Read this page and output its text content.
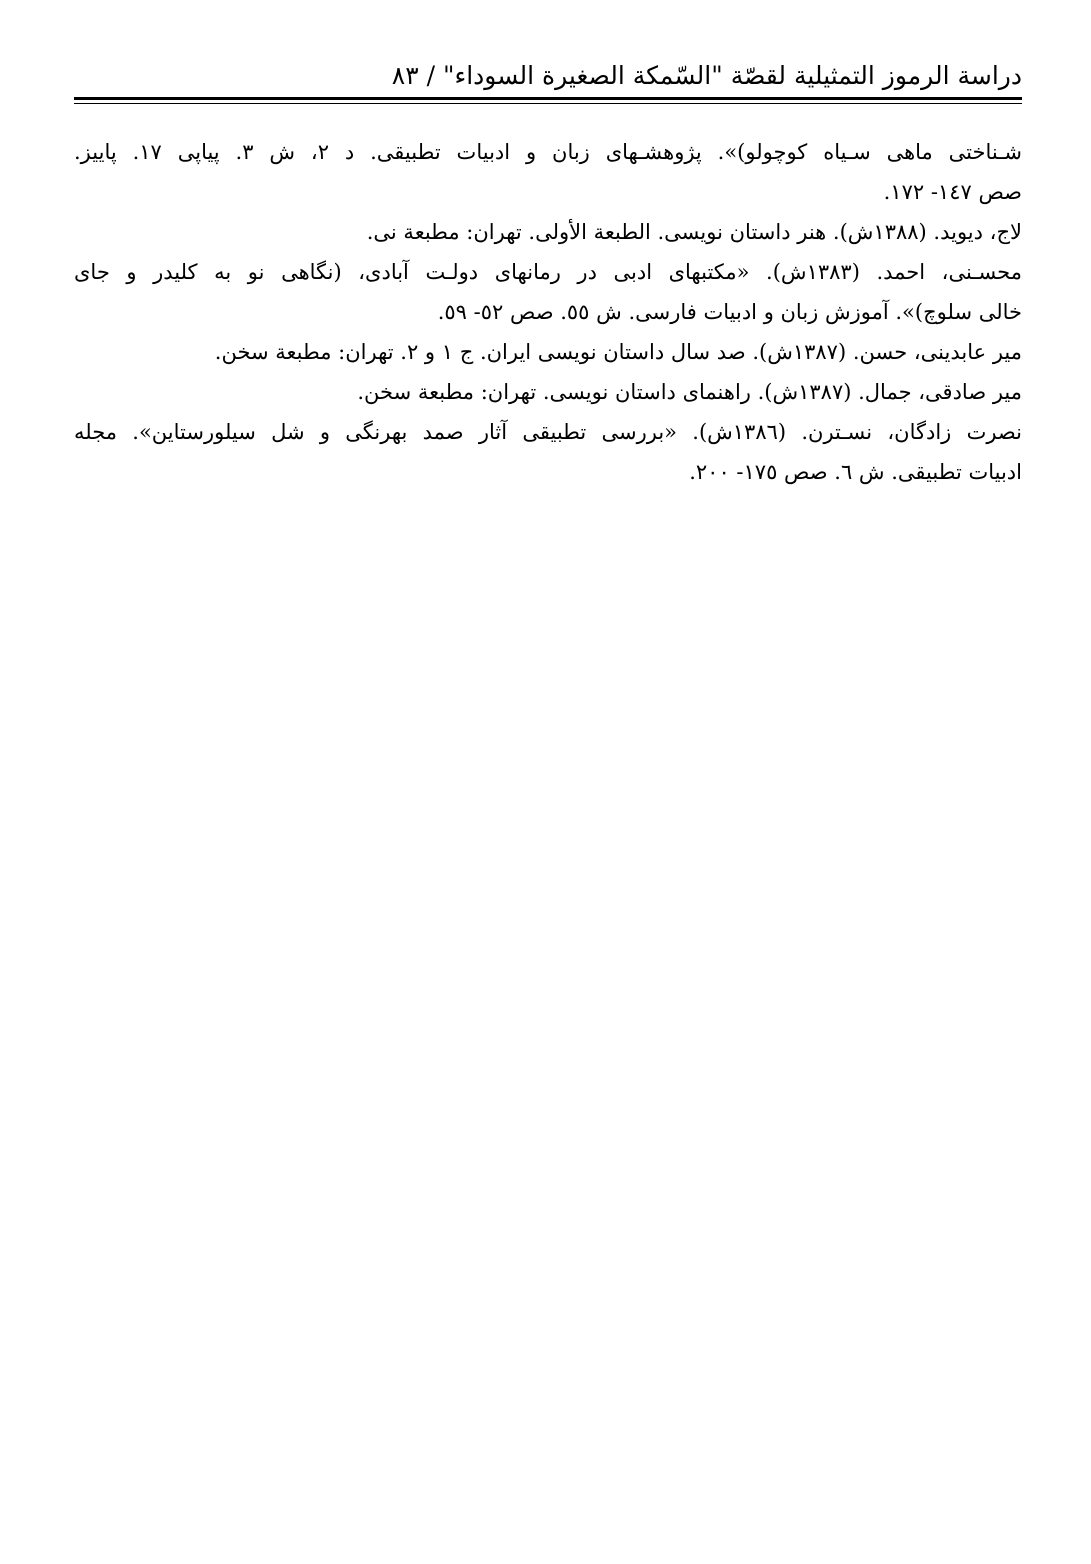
دراسة الرموز التمثيلية لقصّة "السّمكة الصغيرة السوداء" / ٨٣
شـناختی ماهی سـیاه کوچولو)». پژوهشـهای زبان و ادبیات تطبیقی. د ۲، ش ۳. پیاپی ۱۷. پاییز.
صص ۱٤٧- ۱۷۲.
لاج، دیوید. (۱۳۸۸ش). هنر داستان نویسی. الطبعة الأولی. تهران: مطبعة نی.
محسـنی، احمد. (۱۳۸۳ش). «مکتبهای ادبی در رمانهای دولـت آبادی، (نگاهی نو به کلیدر و جای
خالی سلوچ)». آموزش زبان و ادبیات فارسی. ش ٥٥. صص ٥۲- ٥۹.
میر عابدینی، حسن. (۱۳۸۷ش). صد سال داستان نویسی ایران. ج ۱ و ۲. تهران: مطبعة سخن.
میر صادقی، جمال. (۱۳۸۷ش). راهنمای داستان نویسی. تهران: مطبعة سخن.
نصرت زادگان، نسـترن. (۱۳۸٦ش). «بررسی تطبیقی آثار صمد بهرنگی و شل سیلورستاین». مجله
ادبیات تطبیقی. ش ٦. صص ۱۷٥- ۲۰۰.
